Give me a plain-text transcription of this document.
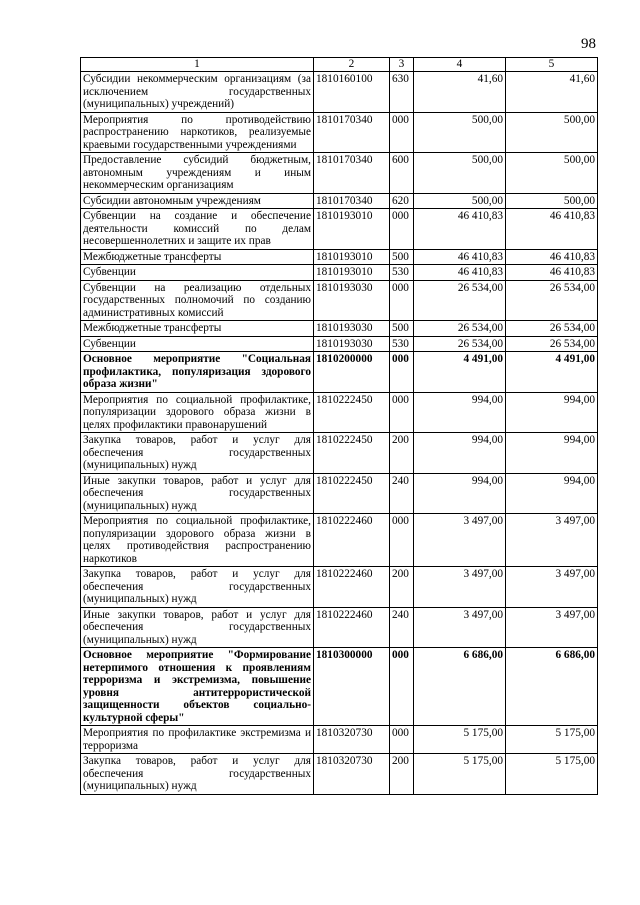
98
1	2	3	4	5
Субсидии некоммерческим организациям (за исключением государственных (муниципальных) учреждений)	1810160100	630	41,60	41,60
Мероприятия по противодействию распространению наркотиков, реализуемые краевыми государственными учреждениями	1810170340	000	500,00	500,00
Предоставление субсидий бюджетным, автономным учреждениям и иным некоммерческим организациям	1810170340	600	500,00	500,00
Субсидии автономным учреждениям	1810170340	620	500,00	500,00
Субвенции на создание и обеспечение деятельности комиссий по делам несовершеннолетних и защите их прав	1810193010	000	46 410,83	46 410,83
Межбюджетные трансферты	1810193010	500	46 410,83	46 410,83
Субвенции	1810193010	530	46 410,83	46 410,83
Субвенции на реализацию отдельных государственных полномочий по созданию административных комиссий	1810193030	000	26 534,00	26 534,00
Межбюджетные трансферты	1810193030	500	26 534,00	26 534,00
Субвенции	1810193030	530	26 534,00	26 534,00
Основное мероприятие "Социальная профилактика, популяризация здорового образа жизни"	1810200000	000	4 491,00	4 491,00
Мероприятия по социальной профилактике, популяризации здорового образа жизни в целях профилактики правонарушений	1810222450	000	994,00	994,00
Закупка товаров, работ и услуг для обеспечения государственных (муниципальных) нужд	1810222450	200	994,00	994,00
Иные закупки товаров, работ и услуг для обеспечения государственных (муниципальных) нужд	1810222450	240	994,00	994,00
Мероприятия по социальной профилактике, популяризации здорового образа жизни в целях противодействия распространению наркотиков	1810222460	000	3 497,00	3 497,00
Закупка товаров, работ и услуг для обеспечения государственных (муниципальных) нужд	1810222460	200	3 497,00	3 497,00
Иные закупки товаров, работ и услуг для обеспечения государственных (муниципальных) нужд	1810222460	240	3 497,00	3 497,00
Основное мероприятие "Формирование нетерпимого отношения к проявлениям терроризма и экстремизма, повышение уровня антитеррористической защищенности объектов социально-культурной сферы"	1810300000	000	6 686,00	6 686,00
Мероприятия по профилактике экстремизма и терроризма	1810320730	000	5 175,00	5 175,00
Закупка товаров, работ и услуг для обеспечения государственных (муниципальных) нужд	1810320730	200	5 175,00	5 175,00
